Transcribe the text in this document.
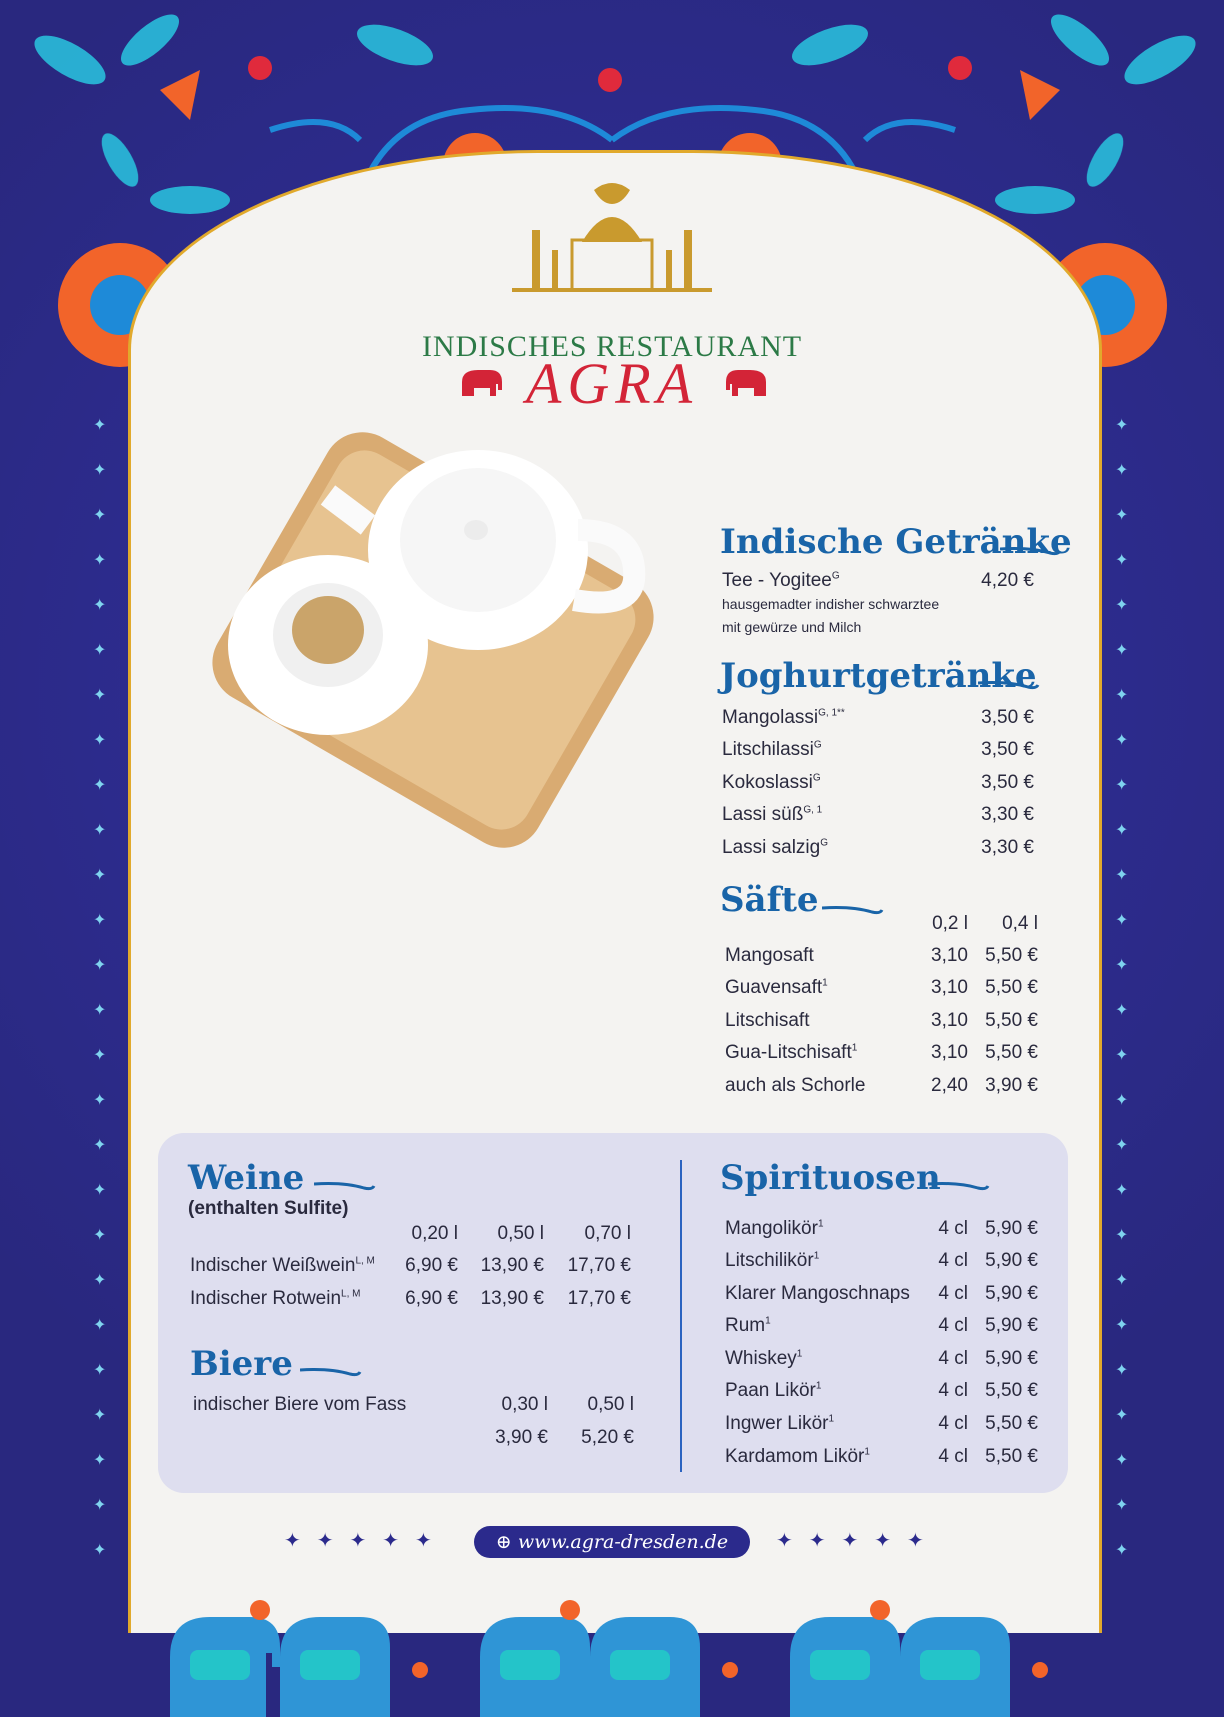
✦
✦
✦
✦
✦
✦
✦
✦
✦
✦
✦
✦
✦
✦
✦
✦
✦
✦
✦
✦
✦
✦
✦
✦
✦
✦
✦
✦
✦
✦
✦
✦
✦
✦
✦
✦
✦
✦
✦
✦
✦
✦
✦
✦
✦
✦
✦
✦
✦
✦
✦
✦
INDISCHES RESTAURANT
AGRA
Indische Getränke
Tee - Yogitee$^G$	4,20 €
hausgemadter indisher schwarztee
mit gewürze und Milch
Joghurtgetränke
Mangolassi$^{G, 1**}$	3,50 €
Litschilassi$^G$	3,50 €
Kokoslassi$^G$	3,50 €
Lassi süß$^{G, 1}$	3,30 €
Lassi salzig$^G$	3,30 €
Säfte
0,2 l	0,4 l
Mangosaft	3,10 5,50 €
Guavensaft$^1$	3,10 5,50 €
Litschisaft	3,10 5,50 €
Gua-Litschisaft$^1$	3,10 5,50 €
auch als Schorle	2,40 3,90 €
Weine
(enthalten Sulfite)
0,20 l	0,50 l	0,70 l
Indischer Weißwein$^{L, M}$	6,90 €	13,90 €	17,70 €
Indischer Rotwein$^{L, M}$	6,90 €	13,90 €	17,70 €
Biere
indischer Biere vom Fass	0,30 l	0,50 l
3,90 €	5,20 €
Spirituosen
Mangolikör$^1$	4 cl 5,90 €
Litschilikör$^1$	4 cl 5,90 €
Klarer Mangoschnaps	4 cl 5,90 €
Rum$^1$	4 cl 5,90 €
Whiskey$^1$	4 cl 5,90 €
Paan Likör$^1$	4 cl 5,50 €
Ingwer Likör$^1$	4 cl 5,50 €
Kardamom Likör$^1$	4 cl 5,50 €
✦✦✦✦✦	✦✦✦✦✦
⊕ www.agra-dresden.de
